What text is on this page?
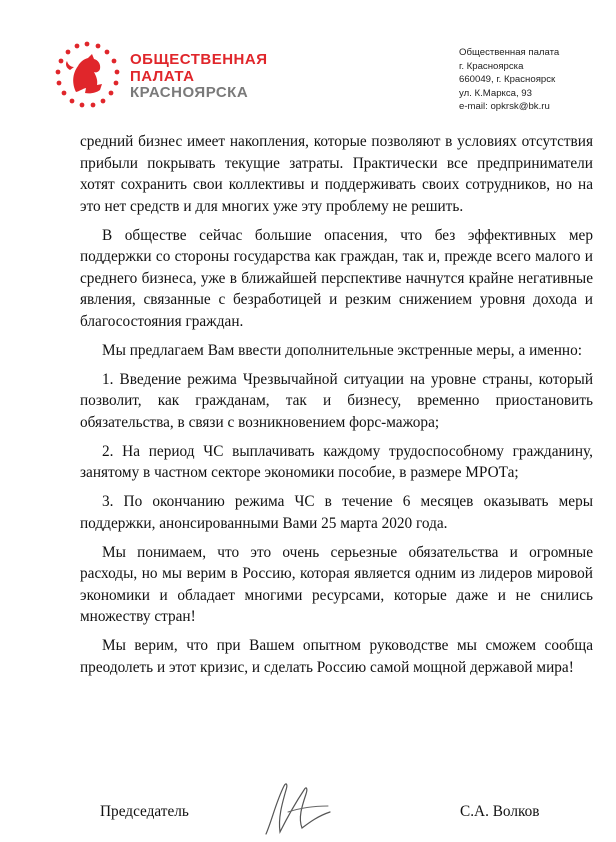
ОБЩЕСТВЕННАЯ
ПАЛАТА
КРАСНОЯРСКА
Общественная палата
г. Красноярска
660049, г. Красноярск
ул. К.Маркса, 93
e-mail: opkrsk@bk.ru

средний бизнес имеет накопления, которые позволяют в условиях отсутствия прибыли покрывать текущие затраты. Практически все предприниматели хотят сохранить свои коллективы и поддерживать своих сотрудников, но на это нет средств и для многих уже эту проблему не решить.

В обществе сейчас большие опасения, что без эффективных мер поддержки со стороны государства как граждан, так и, прежде всего малого и среднего бизнеса, уже в ближайшей перспективе начнутся крайне негативные явления, связанные с безработицей и резким снижением уровня дохода и благосостояния граждан.

Мы предлагаем Вам ввести дополнительные экстренные меры, а именно:

1. Введение режима Чрезвычайной ситуации на уровне страны, который позволит, как гражданам, так и бизнесу, временно приостановить обязательства, в связи с возникновением форс-мажора;

2. На период ЧС выплачивать каждому трудоспособному гражданину, занятому в частном секторе экономики пособие, в размере МРОТа;

3. По окончанию режима ЧС в течение 6 месяцев оказывать меры поддержки, анонсированными Вами 25 марта 2020 года.

Мы понимаем, что это очень серьезные обязательства и огромные расходы, но мы верим в Россию, которая является одним из лидеров мировой экономики и обладает многими ресурсами, которые даже и не снились множеству стран!

Мы верим, что при Вашем опытном руководстве мы сможем сообща преодолеть и этот кризис, и сделать Россию самой мощной державой мира!

Председатель	С.А. Волков
